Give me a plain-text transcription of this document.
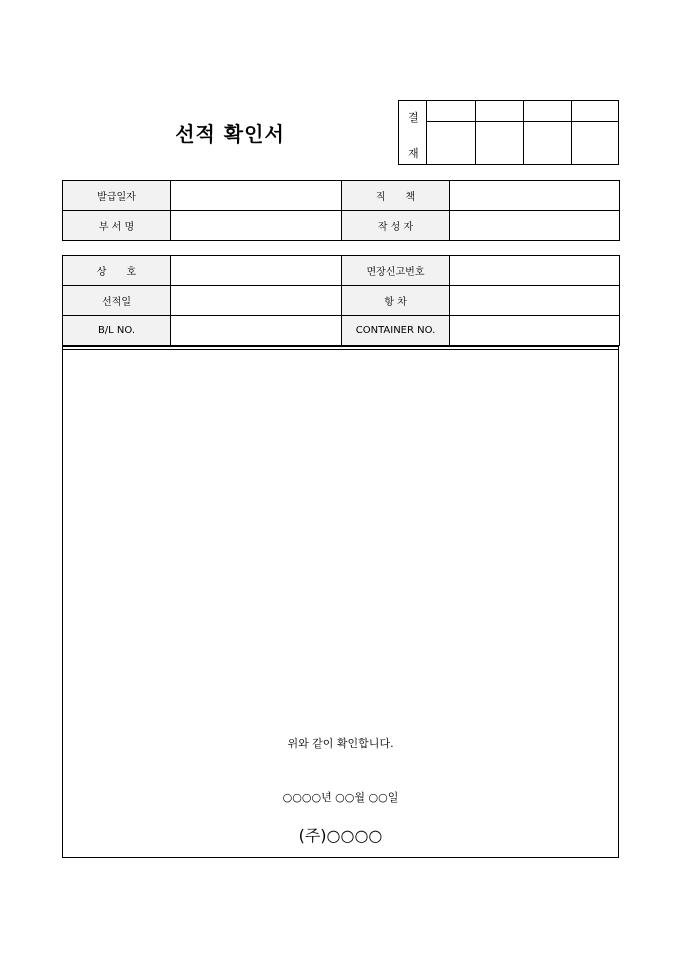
선적 확인서
결
재
발급일자		직　　책	
부 서 명		작 성 자	
상　　호		면장신고번호	
선적일		항 차	
B/L NO.		CONTAINER NO.	
위와 같이 확인합니다.
○○○○년 ○○월 ○○일
(주)○○○○
